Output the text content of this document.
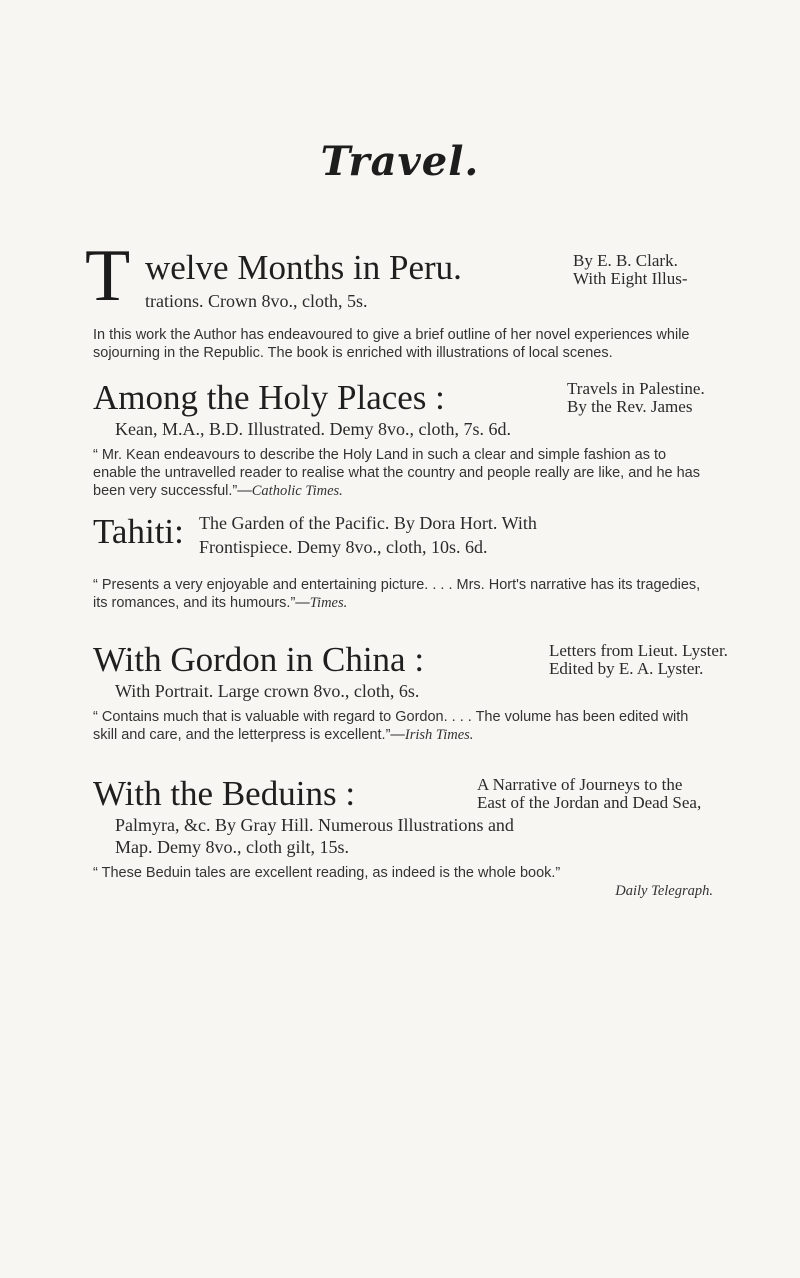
Travel.
T welve Months in Peru.	By E. B. Clark.
With Eight Illus-
trations. Crown 8vo., cloth, 5s.
In this work the Author has endeavoured to give a brief outline of her novel experiences while sojourning in the Republic. The book is enriched with illustrations of local scenes.
Among the Holy Places :	Travels in Palestine.
By the Rev. James
Kean, M.A., B.D. Illustrated. Demy 8vo., cloth, 7s. 6d.
“ Mr. Kean endeavours to describe the Holy Land in such a clear and simple fashion as to enable the untravelled reader to realise what the country and people really are like, and he has been very successful.”—Catholic Times.
Tahiti: The Garden of the Pacific. By Dora Hort. With
Frontispiece. Demy 8vo., cloth, 10s. 6d.
“ Presents a very enjoyable and entertaining picture. . . . Mrs. Hort's narrative has its tragedies, its romances, and its humours.”—Times.
With Gordon in China :	Letters from Lieut. Lyster.
Edited by E. A. Lyster.
With Portrait. Large crown 8vo., cloth, 6s.
“ Contains much that is valuable with regard to Gordon. . . . The volume has been edited with skill and care, and the letterpress is excellent.”—Irish Times.
With the Beduins :	A Narrative of Journeys to the
East of the Jordan and Dead Sea,
Palmyra, &c. By Gray Hill. Numerous Illustrations and
Map. Demy 8vo., cloth gilt, 15s.
“ These Beduin tales are excellent reading, as indeed is the whole book.”
Daily Telegraph.
